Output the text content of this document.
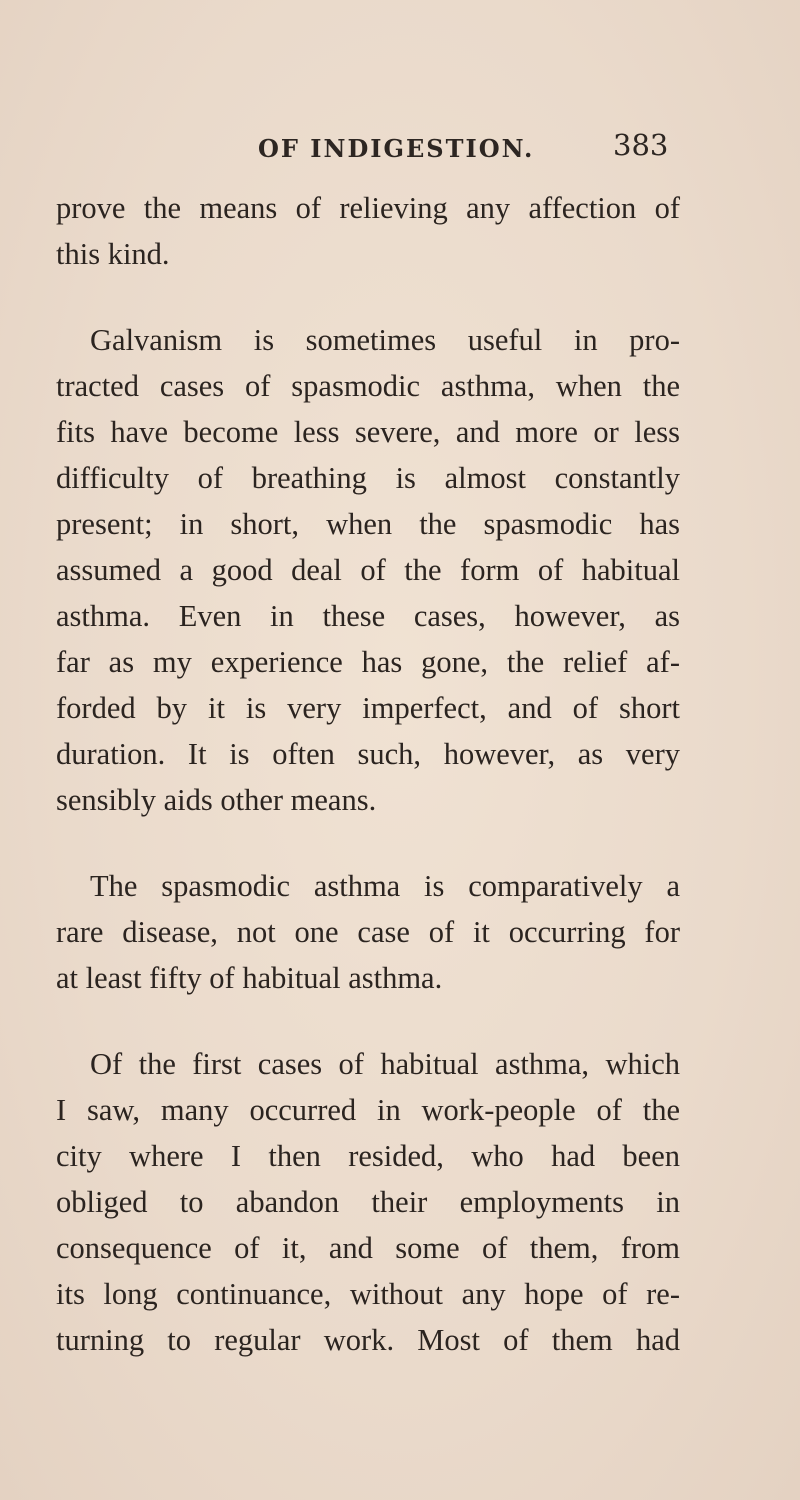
OF INDIGESTION.	383
prove the means of relieving any affection of
this kind.
Galvanism is sometimes useful in pro-
tracted cases of spasmodic asthma, when the
fits have become less severe, and more or less
difficulty of breathing is almost constantly
present; in short, when the spasmodic has
assumed a good deal of the form of habitual
asthma. Even in these cases, however, as
far as my experience has gone, the relief af-
forded by it is very imperfect, and of short
duration. It is often such, however, as very
sensibly aids other means.
The spasmodic asthma is comparatively a
rare disease, not one case of it occurring for
at least fifty of habitual asthma.
Of the first cases of habitual asthma, which
I saw, many occurred in work-people of the
city where I then resided, who had been
obliged to abandon their employments in
consequence of it, and some of them, from
its long continuance, without any hope of re-
turning to regular work. Most of them had
